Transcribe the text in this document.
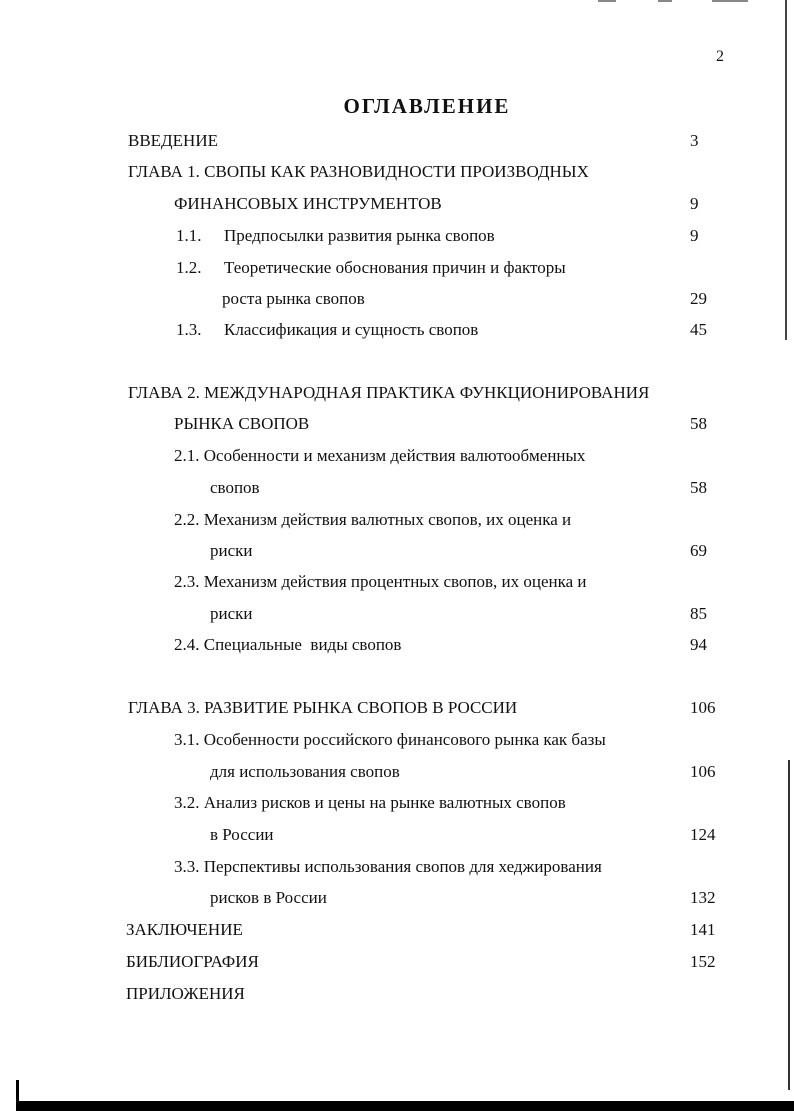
2
ОГЛАВЛЕНИЕ
ВВЕДЕНИЕ	3
ГЛАВА 1. СВОПЫ КАК РАЗНОВИДНОСТИ ПРОИЗВОДНЫХ
ФИНАНСОВЫХ ИНСТРУМЕНТОВ	9
1.1. Предпосылки развития рынка свопов	9
1.2. Теоретические обоснования причин и факторы
роста рынка свопов	29
1.3. Классификация и сущность свопов	45
ГЛАВА 2. МЕЖДУНАРОДНАЯ ПРАКТИКА ФУНКЦИОНИРОВАНИЯ
РЫНКА СВОПОВ	58
2.1. Особенности и механизм действия валютообменных
свопов	58
2.2. Механизм действия валютных свопов, их оценка и
риски	69
2.3. Механизм действия процентных свопов, их оценка и
риски	85
2.4. Специальные  виды свопов	94
ГЛАВА 3. РАЗВИТИЕ РЫНКА СВОПОВ В РОССИИ	106
3.1. Особенности российского финансового рынка как базы
для использования свопов	106
3.2. Анализ рисков и цены на рынке валютных свопов
в России	124
3.3. Перспективы использования свопов для хеджирования
рисков в России	132
ЗАКЛЮЧЕНИЕ	141
БИБЛИОГРАФИЯ	152
ПРИЛОЖЕНИЯ
